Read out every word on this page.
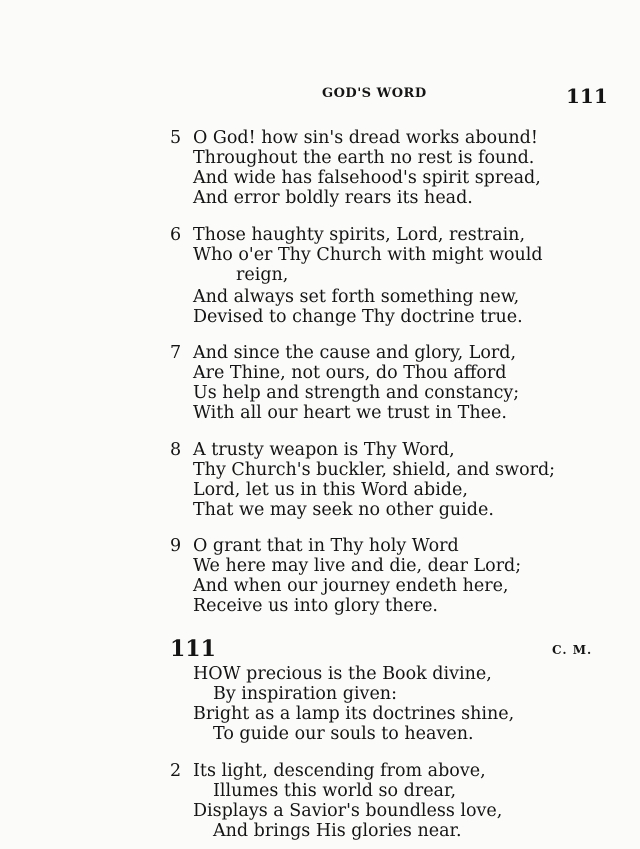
GOD'S WORD	111
5 O God! how sin's dread works abound!
Throughout the earth no rest is found.
And wide has falsehood's spirit spread,
And error boldly rears its head.
6 Those haughty spirits, Lord, restrain,
Who o'er Thy Church with might would
reign,
And always set forth something new,
Devised to change Thy doctrine true.
7 And since the cause and glory, Lord,
Are Thine, not ours, do Thou afford
Us help and strength and constancy;
With all our heart we trust in Thee.
8 A trusty weapon is Thy Word,
Thy Church's buckler, shield, and sword;
Lord, let us in this Word abide,
That we may seek no other guide.
9 O grant that in Thy holy Word
We here may live and die, dear Lord;
And when our journey endeth here,
Receive us into glory there.
111	C. M.
HOW precious is the Book divine,
By inspiration given:
Bright as a lamp its doctrines shine,
To guide our souls to heaven.
2 Its light, descending from above,
Illumes this world so drear,
Displays a Savior's boundless love,
And brings His glories near.
